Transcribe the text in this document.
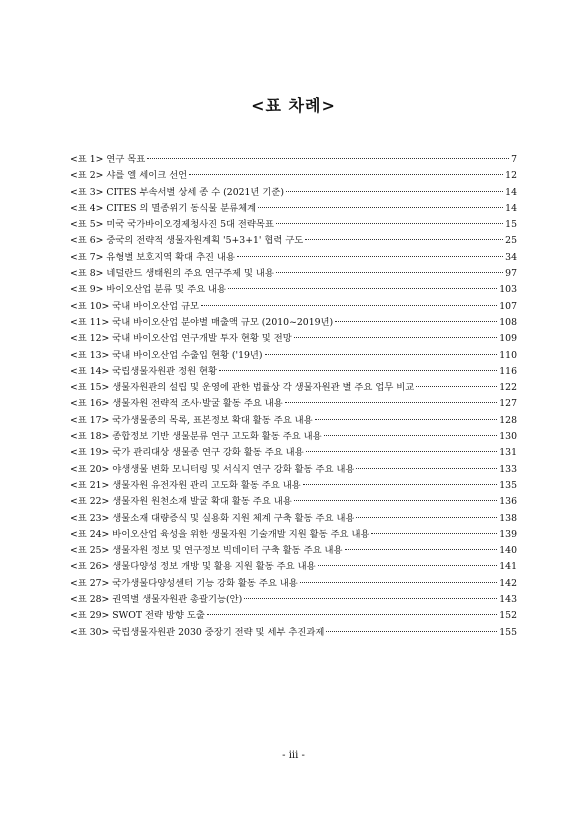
<표 차례>
<표 1> 연구 목표	7
<표 2> 샤를 엘 세이크 선언	12
<표 3> CITES 부속서별 상세 종 수 (2021년 기준)	14
<표 4> CITES 의 멸종위기 동식물 분류체계	14
<표 5> 미국 국가바이오경제청사진 5대 전략목표	15
<표 6> 중국의 전략적 생물자원계획 '5+3+1' 협력 구도	25
<표 7> 유형별 보호지역 확대 추진 내용	34
<표 8> 네덜란드 생태원의 주요 연구주제 및 내용	97
<표 9> 바이오산업 분류 및 주요 내용	103
<표 10> 국내 바이오산업 규모	107
<표 11> 국내 바이오산업 분야별 매출액 규모 (2010~2019년)	108
<표 12> 국내 바이오산업 연구개발 투자 현황 및 전망	109
<표 13> 국내 바이오산업 수출입 현황 ('19년)	110
<표 14> 국립생물자원관 정원 현황	116
<표 15> 생물자원관의 설립 및 운영에 관한 법률상 각 생물자원관 별 주요 업무 비교	122
<표 16> 생물자원 전략적 조사·발굴 활동 주요 내용	127
<표 17> 국가생물종의 목록, 표본정보 확대 활동 주요 내용	128
<표 18> 종합정보 기반 생물분류 연구 고도화 활동 주요 내용	130
<표 19> 국가 관리대상 생물종 연구 강화 활동 주요 내용	131
<표 20> 야생생물 변화 모니터링 및 서식지 연구 강화 활동 주요 내용	133
<표 21> 생물자원 유전자원 관리 고도화 활동 주요 내용	135
<표 22> 생물자원 원천소재 발굴 확대 활동 주요 내용	136
<표 23> 생물소재 대량증식 및 실용화 지원 체계 구축 활동 주요 내용	138
<표 24> 바이오산업 육성을 위한 생물자원 기술개발 지원 활동 주요 내용	139
<표 25> 생물자원 정보 및 연구정보 빅데이터 구축 활동 주요 내용	140
<표 26> 생물다양성 정보 개방 및 활용 지원 활동 주요 내용	141
<표 27> 국가생물다양성센터 기능 강화 활동 주요 내용	142
<표 28> 권역별 생물자원관 총괄기능(안)	143
<표 29> SWOT 전략 방향 도출	152
<표 30> 국립생물자원관 2030 중장기 전략 및 세부 추진과제	155
- iii -
